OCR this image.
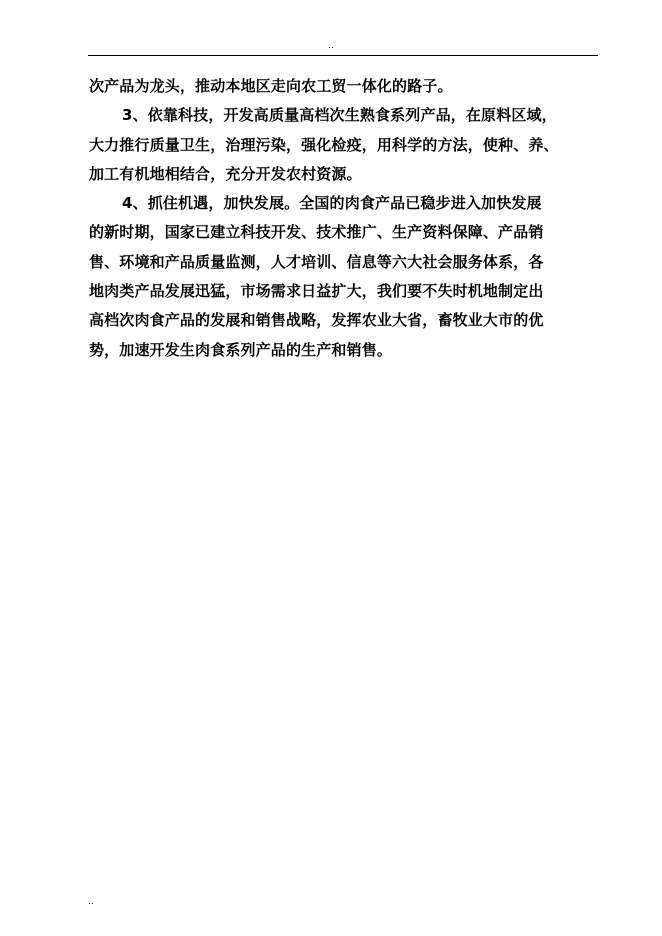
..
次产品为龙头，推动本地区走向农工贸一体化的路子。
3、依靠科技，开发高质量高档次生熟食系列产品，在原料区域，
大力推行质量卫生，治理污染，强化检疫，用科学的方法，使种、养、
加工有机地相结合，充分开发农村资源。
4、抓住机遇，加快发展。全国的肉食产品已稳步进入加快发展
的新时期，国家已建立科技开发、技术推广、生产资料保障、产品销
售、环境和产品质量监测，人才培训、信息等六大社会服务体系，各
地肉类产品发展迅猛，市场需求日益扩大，我们要不失时机地制定出
高档次肉食产品的发展和销售战略，发挥农业大省，畜牧业大市的优
势，加速开发生肉食系列产品的生产和销售。
..
